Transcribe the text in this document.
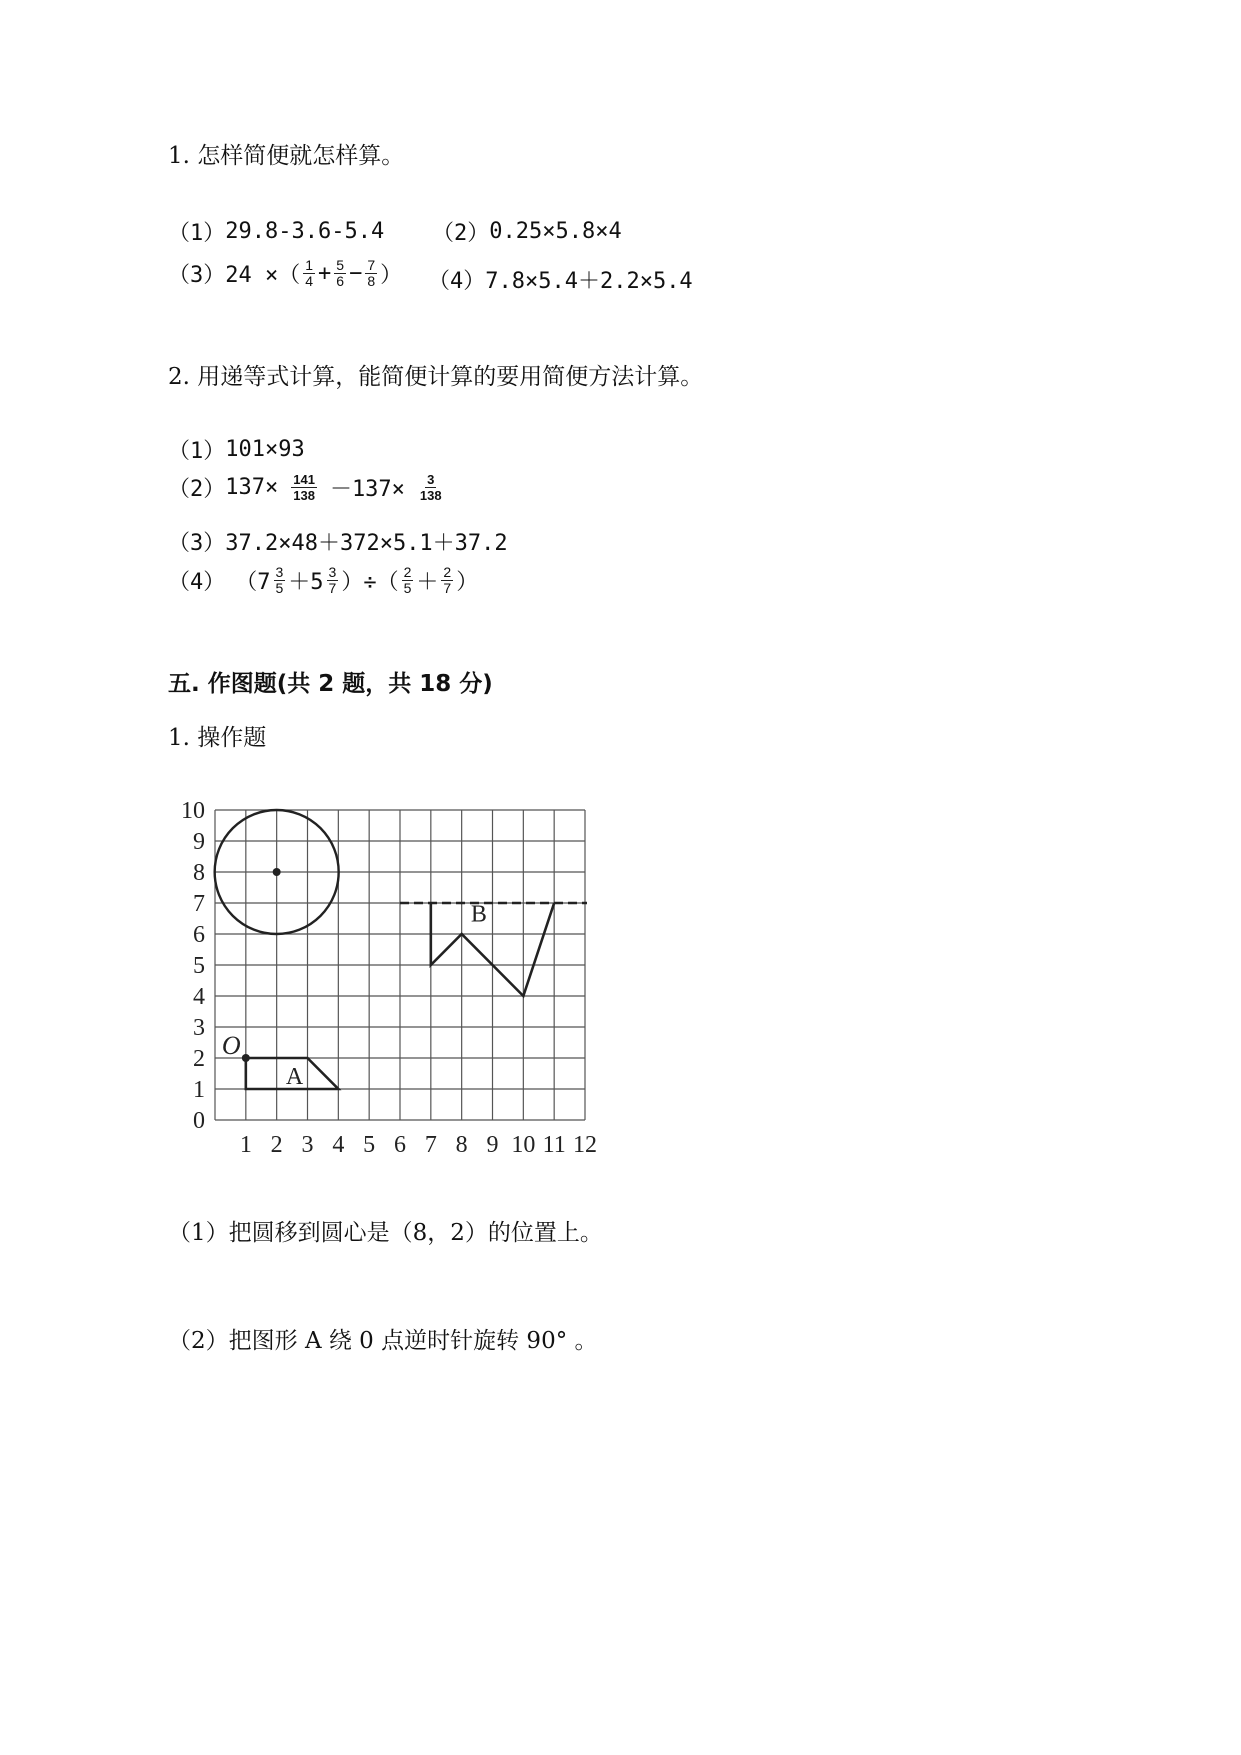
1. 怎样简便就怎样算。
（1） 29.8-3.6-5.4 （2） 0.25×5.8×4
（3） 24 ×（ $\frac{1}{4} + \frac{5}{6} - \frac{7}{8}$ ） （4） 7.8×5.4＋2.2×5.4
2. 用递等式计算，能简便计算的要用简便方法计算。
（1） 101×93
（2） $137\times \frac{141}{138} -137\times \frac{3}{138}$
（3） 37.2×48＋372×5.1＋37.2
（4） （$7 \frac{3}{5} +5 \frac{3}{7}$ ）÷（ $\frac{2}{5} + \frac{2}{7}$ ）
五. 作图题(共 2 题，共 18 分)
1. 操作题
1 2 3 4 5 6 7 8 9 10 11 12
0
1
2
3
4
5
6
7
8
9
10
O
A
B
（1）把圆移到圆心是（8，2）的位置上。
（2）把图形 A 绕 0 点逆时针旋转 90° 。
